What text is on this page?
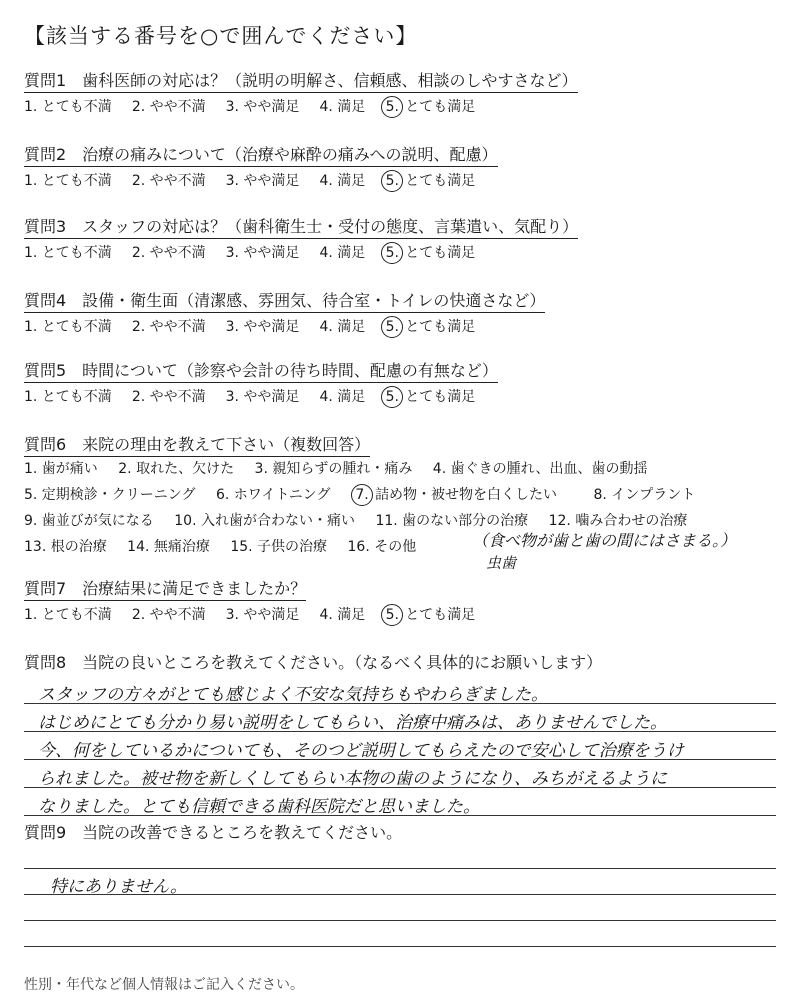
【該当する番号を○で囲んでください】
質問1　歯科医師の対応は？（説明の明解さ、信頼感、相談のしやすさなど）
1. とても不満 2. やや不満 3. やや満足 4. 満足 5. とても満足
質問2　治療の痛みについて（治療や麻酔の痛みへの説明、配慮）
1. とても不満 2. やや不満 3. やや満足 4. 満足 5. とても満足
質問3　スタッフの対応は？（歯科衛生士・受付の態度、言葉遣い、気配り）
1. とても不満 2. やや不満 3. やや満足 4. 満足 5. とても満足
質問4　設備・衛生面（清潔感、雰囲気、待合室・トイレの快適さなど）
1. とても不満 2. やや不満 3. やや満足 4. 満足 5. とても満足
質問5　時間について（診察や会計の待ち時間、配慮の有無など）
1. とても不満 2. やや不満 3. やや満足 4. 満足 5. とても満足
質問6　来院の理由を教えて下さい（複数回答）
1. 歯が痛い 2. 取れた、欠けた 3. 親知らずの腫れ・痛み 4. 歯ぐきの腫れ、出血、歯の動揺
5. 定期検診・クリーニング 6. ホワイトニング 7. 詰め物・被せ物を白くしたい	8. インプラント
9. 歯並びが気になる 10. 入れ歯が合わない・痛い 11. 歯のない部分の治療 12. 噛み合わせの治療
13. 根の治療 14. 無痛治療 15. 子供の治療 16. その他	（食べ物が歯と歯の間にはさまる。）
虫歯
質問7　治療結果に満足できましたか？
1. とても不満 2. やや不満 3. やや満足 4. 満足 5. とても満足
質問8　当院の良いところを教えてください。（なるべく具体的にお願いします）
スタッフの方々がとても感じよく不安な気持ちもやわらぎました。
はじめにとても分かり易い説明をしてもらい、治療中痛みは、ありませんでした。
今、何をしているかについても、そのつど説明してもらえたので安心して治療をうけ
られました。被せ物を新しくしてもらい本物の歯のようになり、みちがえるように
なりました。とても信頼できる歯科医院だと思いました。
質問9　当院の改善できるところを教えてください。
特にありません。
性別・年代など個人情報はご記入ください。
